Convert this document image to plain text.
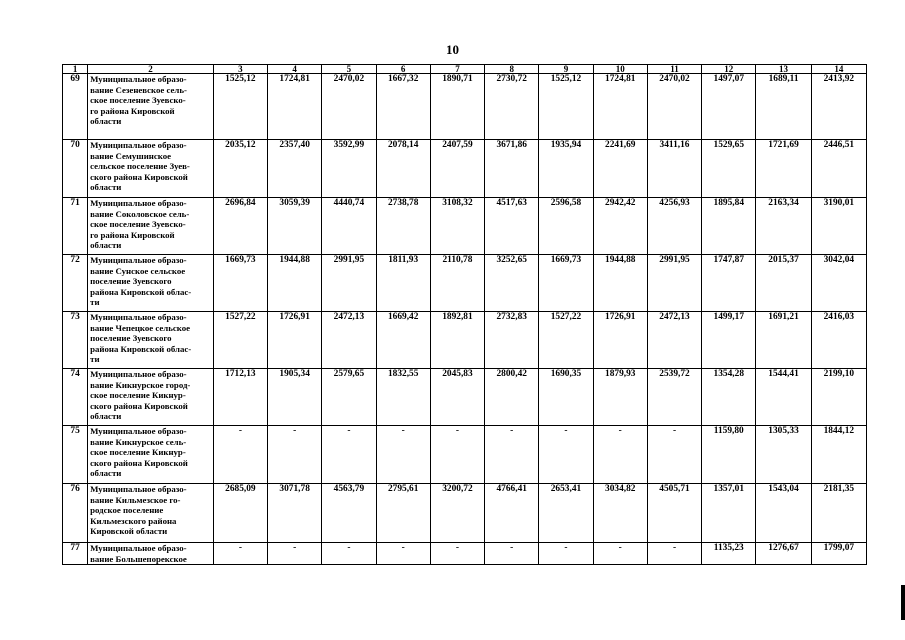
10
1	2	3	4	5	6	7	8	9	10	11	12	13	14
69	Муниципальное образо-
вание Сезеневское сель-
ское поселение Зуевско-
го района Кировской
области	1525,12	1724,81	2470,02	1667,32	1890,71	2730,72	1525,12	1724,81	2470,02	1497,07	1689,11	2413,92
70	Муниципальное образо-
вание Семушинское
сельское поселение Зуев-
ского района Кировской
области	2035,12	2357,40	3592,99	2078,14	2407,59	3671,86	1935,94	2241,69	3411,16	1529,65	1721,69	2446,51
71	Муниципальное образо-
вание Соколовское сель-
ское поселение Зуевско-
го района Кировской
области	2696,84	3059,39	4440,74	2738,78	3108,32	4517,63	2596,58	2942,42	4256,93	1895,84	2163,34	3190,01
72	Муниципальное образо-
вание Сунское сельское
поселение Зуевского
района Кировской облас-
ти	1669,73	1944,88	2991,95	1811,93	2110,78	3252,65	1669,73	1944,88	2991,95	1747,87	2015,37	3042,04
73	Муниципальное образо-
вание Чепецкое сельское
поселение Зуевского
района Кировской облас-
ти	1527,22	1726,91	2472,13	1669,42	1892,81	2732,83	1527,22	1726,91	2472,13	1499,17	1691,21	2416,03
74	Муниципальное образо-
вание Кикнурское город-
ское поселение Кикнур-
ского района Кировской
области	1712,13	1905,34	2579,65	1832,55	2045,83	2800,42	1690,35	1879,93	2539,72	1354,28	1544,41	2199,10
75	Муниципальное образо-
вание Кикнурское сель-
ское поселение Кикнур-
ского района Кировской
области	-	-	-	-	-	-	-	-	-	1159,80	1305,33	1844,12
76	Муниципальное образо-
вание Кильмезское го-
родское поселение
Кильмезского района
Кировской области	2685,09	3071,78	4563,79	2795,61	3200,72	4766,41	2653,41	3034,82	4505,71	1357,01	1543,04	2181,35
77	Муниципальное образо-
вание Большепорекское	-	-	-	-	-	-	-	-	-	1135,23	1276,67	1799,07
